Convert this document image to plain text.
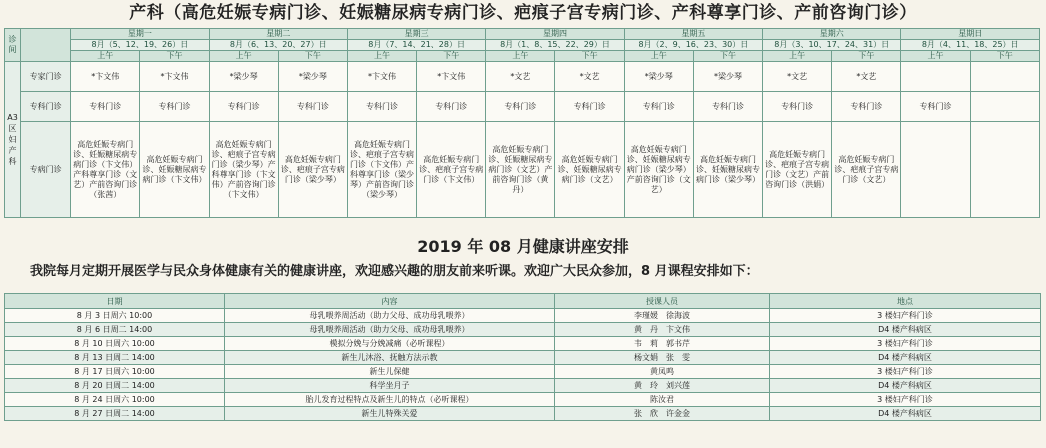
产科（高危妊娠专病门诊、妊娠糖尿病专病门诊、疤痕子宫专病门诊、产科尊享门诊、产前咨询门诊）
诊间		星期一		星期二		星期三		星期四		星期五		星期六		星期日	
		8月（5、12、19、26）日		8月（6、13、20、27）日		8月（7、14、21、28）日		8月（1、8、15、22、29）日		8月（2、9、16、23、30）日		8月（3、10、17、24、31）日		8月（4、11、18、25）日	
		上午	下午	上午	下午	上午	下午	上午	下午	上午	下午	上午	下午	上午	下午
A3区妇产科	专家门诊	*卞文伟	*卞文伟	*梁少琴	*梁少琴	*卞文伟	*卞文伟	*文艺	*文艺	*梁少琴	*梁少琴	*文艺	*文艺		
	专科门诊	专科门诊	专科门诊	专科门诊	专科门诊	专科门诊	专科门诊	专科门诊	专科门诊	专科门诊	专科门诊	专科门诊	专科门诊	专科门诊	
	专病门诊	高危妊娠专病门诊、妊娠糖尿病专病门诊（卞文伟）产科尊享门诊（文艺）产前咨询门诊（张茜）	高危妊娠专病门诊、妊娠糖尿病专病门诊（卞文伟）	高危妊娠专病门诊、疤痕子宫专病门诊（梁少琴）产科尊享门诊（卞文伟）产前咨询门诊（卞文伟）	高危妊娠专病门诊、疤痕子宫专病门诊（梁少琴）	高危妊娠专病门诊、疤痕子宫专病门诊（卞文伟）产科尊享门诊（梁少琴）产前咨询门诊（梁少琴）	高危妊娠专病门诊、疤痕子宫专病门诊（卞文伟）	高危妊娠专病门诊、妊娠糖尿病专病门诊（文艺）产前咨询门诊（黄丹）	高危妊娠专病门诊、妊娠糖尿病专病门诊（文艺）	高危妊娠专病门诊、妊娠糖尿病专病门诊（梁少琴）产前咨询门诊（文艺）	高危妊娠专病门诊、妊娠糖尿病专病门诊（梁少琴）	高危妊娠专病门诊、疤痕子宫专病门诊（文艺）产前咨询门诊（洪娟）	高危妊娠专病门诊、疤痕子宫专病门诊（文艺）		
2019 年 08 月健康讲座安排
我院每月定期开展医学与民众身体健康有关的健康讲座，欢迎感兴趣的朋友前来听课。欢迎广大民众参加，8 月课程安排如下：
日期	内容	授课人员	地点
8 月 3 日周六 10:00	母乳喂养周活动（助力父母、成功母乳喂养）	李瑾媛　徐海波	3 楼妇产科门诊
8 月 6 日周二 14:00	母乳喂养周活动（助力父母、成功母乳喂养）	黄　丹　卞文伟	D4 楼产科病区
8 月 10 日周六 10:00	模拟分娩与分娩减痛（必听课程）	韦　莉　郭书芹	3 楼妇产科门诊
8 月 13 日周二 14:00	新生儿沐浴、抚触方法示教	杨文娟　张　雯	D4 楼产科病区
8 月 17 日周六 10:00	新生儿保健	黄凤鸣	3 楼妇产科门诊
8 月 20 日周二 14:00	科学坐月子	黄　玲　刘兴莲	D4 楼产科病区
8 月 24 日周六 10:00	胎儿发育过程特点及新生儿的特点（必听课程）	陈汝君	3 楼妇产科门诊
8 月 27 日周二 14:00	新生儿特殊关爱	张　欣　许金金	D4 楼产科病区
